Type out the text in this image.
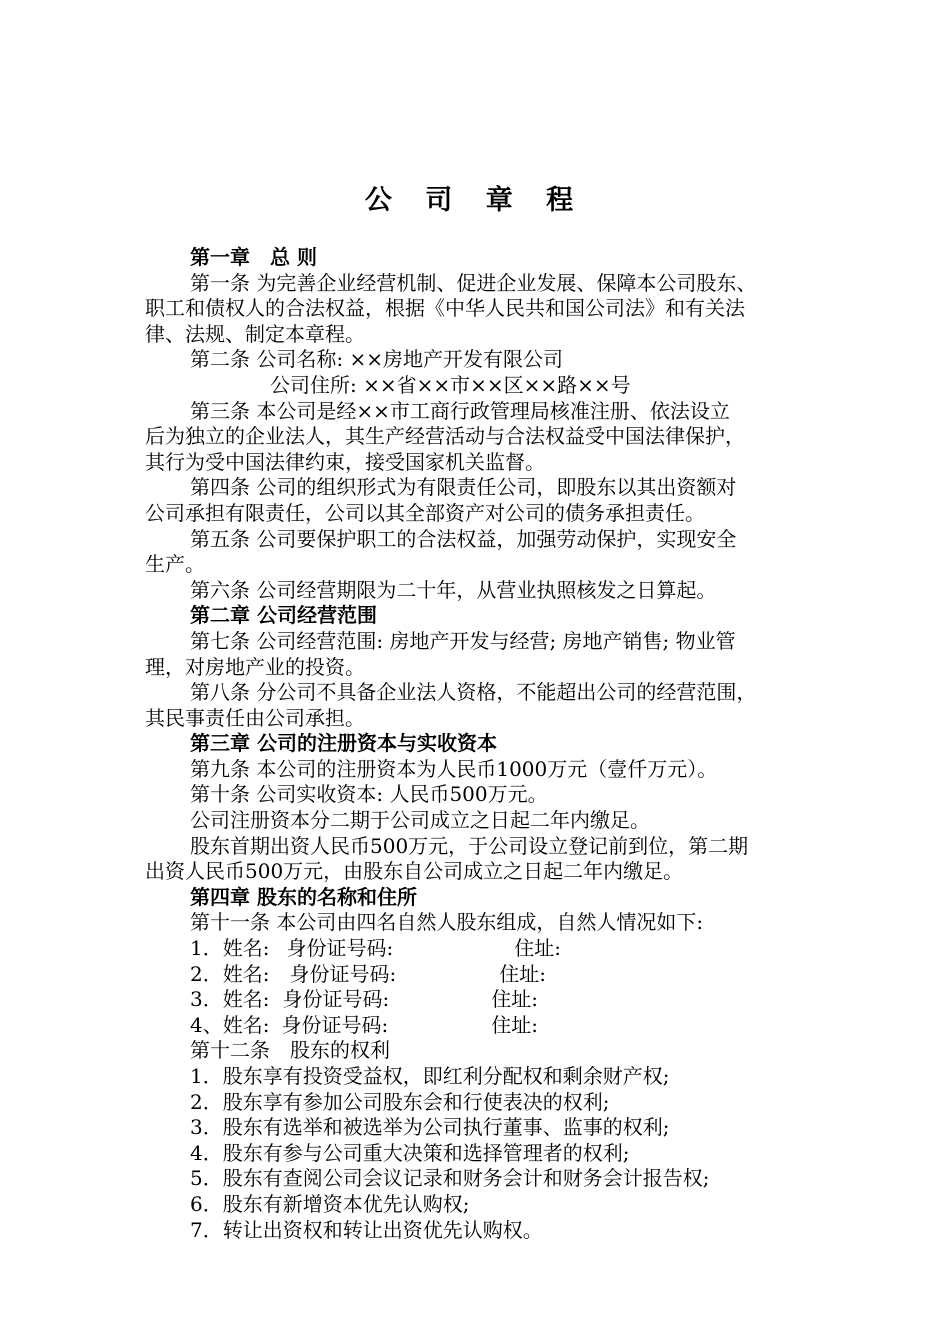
公 司 章 程

第一章　总 则

第一条 为完善企业经营机制、促进企业发展、保障本公司股东、

职工和债权人的合法权益，根据《中华人民共和国公司法》和有关法

律、法规、制定本章程。

第二条 公司名称: ××房地产开发有限公司

公司住所: ××省××市××区××路××号

第三条 本公司是经××市工商行政管理局核准注册、依法设立

后为独立的企业法人，其生产经营活动与合法权益受中国法律保护，

其行为受中国法律约束，接受国家机关监督。

第四条 公司的组织形式为有限责任公司，即股东以其出资额对

公司承担有限责任，公司以其全部资产对公司的债务承担责任。

第五条 公司要保护职工的合法权益，加强劳动保护，实现安全

生产。

第六条 公司经营期限为二十年，从营业执照核发之日算起。

第二章 公司经营范围

第七条 公司经营范围: 房地产开发与经营; 房地产销售; 物业管

理，对房地产业的投资。

第八条 分公司不具备企业法人资格，不能超出公司的经营范围，

其民事责任由公司承担。

第三章 公司的注册资本与实收资本

第九条 本公司的注册资本为人民币1000万元（壹仟万元）。

第十条 公司实收资本: 人民币500万元。

公司注册资本分二期于公司成立之日起二年内缴足。

股东首期出资人民币500万元，于公司设立登记前到位，第二期

出资人民币500万元，由股东自公司成立之日起二年内缴足。

第四章 股东的名称和住所

第十一条 本公司由四名自然人股东组成，自然人情况如下:

1．姓名: 身份证号码:	住址:

2．姓名: 身份证号码:	住址:

3．姓名: 身份证号码:	住址:

4、姓名: 身份证号码:	住址:

第十二条　股东的权利

1．股东享有投资受益权，即红利分配权和剩余财产权;

2．股东享有参加公司股东会和行使表决的权利;

3．股东有选举和被选举为公司执行董事、监事的权利;

4．股东有参与公司重大决策和选择管理者的权利;

5．股东有查阅公司会议记录和财务会计和财务会计报告权;

6．股东有新增资本优先认购权;

7．转让出资权和转让出资优先认购权。
